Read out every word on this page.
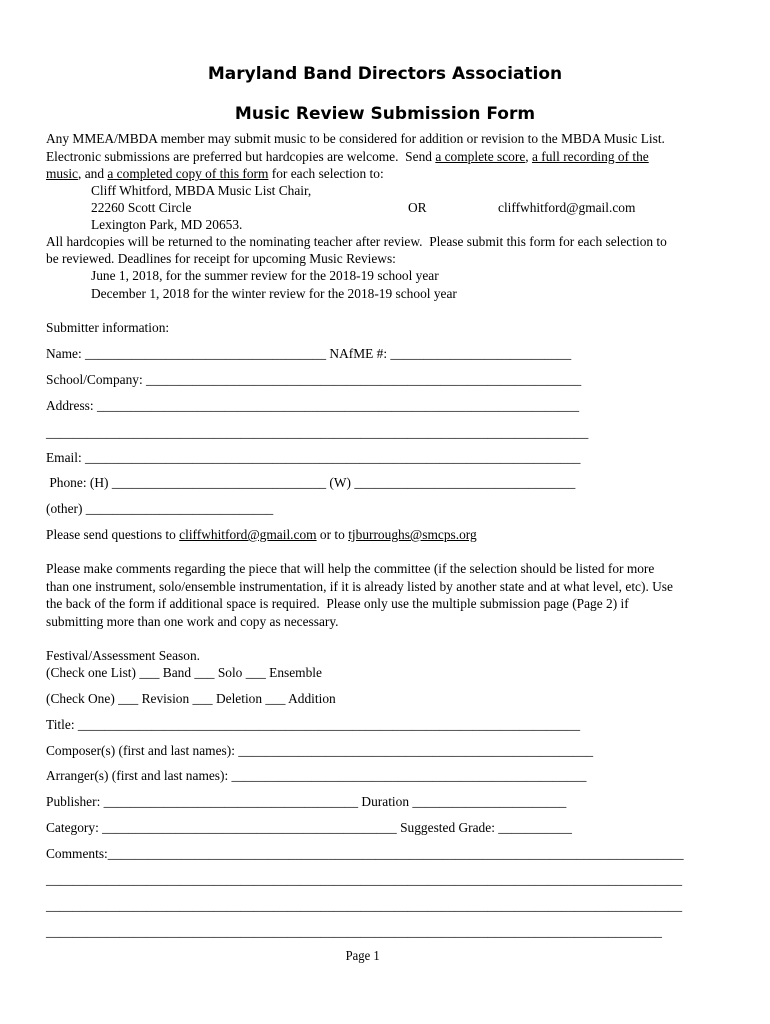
Maryland Band Directors Association
Music Review Submission Form
Any MMEA/MBDA member may submit music to be considered for addition or revision to the MBDA Music List.
Electronic submissions are preferred but hardcopies are welcome.  Send a complete score, a full recording of the
music, and a completed copy of this form for each selection to:
Cliff Whitford, MBDA Music List Chair,
22260 Scott Circle	OR	cliffwhitford@gmail.com
Lexington Park, MD 20653.
All hardcopies will be returned to the nominating teacher after review.  Please submit this form for each selection to
be reviewed. Deadlines for receipt for upcoming Music Reviews:
June 1, 2018, for the summer review for the 2018-19 school year
December 1, 2018 for the winter review for the 2018-19 school year
Submitter information:
Name: ____________________________________ NAfME #: ___________________________
School/Company: _________________________________________________________________
Address: ________________________________________________________________________
_________________________________________________________________________________
Email: __________________________________________________________________________
Phone: (H) ________________________________ (W) _________________________________
(other) ____________________________
Please send questions to cliffwhitford@gmail.com or to tjburroughs@smcps.org
Please make comments regarding the piece that will help the committee (if the selection should be listed for more
than one instrument, solo/ensemble instrumentation, if it is already listed by another state and at what level, etc). Use
the back of the form if additional space is required.  Please only use the multiple submission page (Page 2) if
submitting more than one work and copy as necessary.
Festival/Assessment Season.
(Check one List) ___ Band ___ Solo ___ Ensemble
(Check One) ___ Revision ___ Deletion ___ Addition
Title: ___________________________________________________________________________
Composer(s) (first and last names): _____________________________________________________
Arranger(s) (first and last names): _____________________________________________________
Publisher: ______________________________________ Duration _______________________
Category: ____________________________________________ Suggested Grade: ___________
Comments:______________________________________________________________________________________
_______________________________________________________________________________________________
_______________________________________________________________________________________________
____________________________________________________________________________________________
Page 1
